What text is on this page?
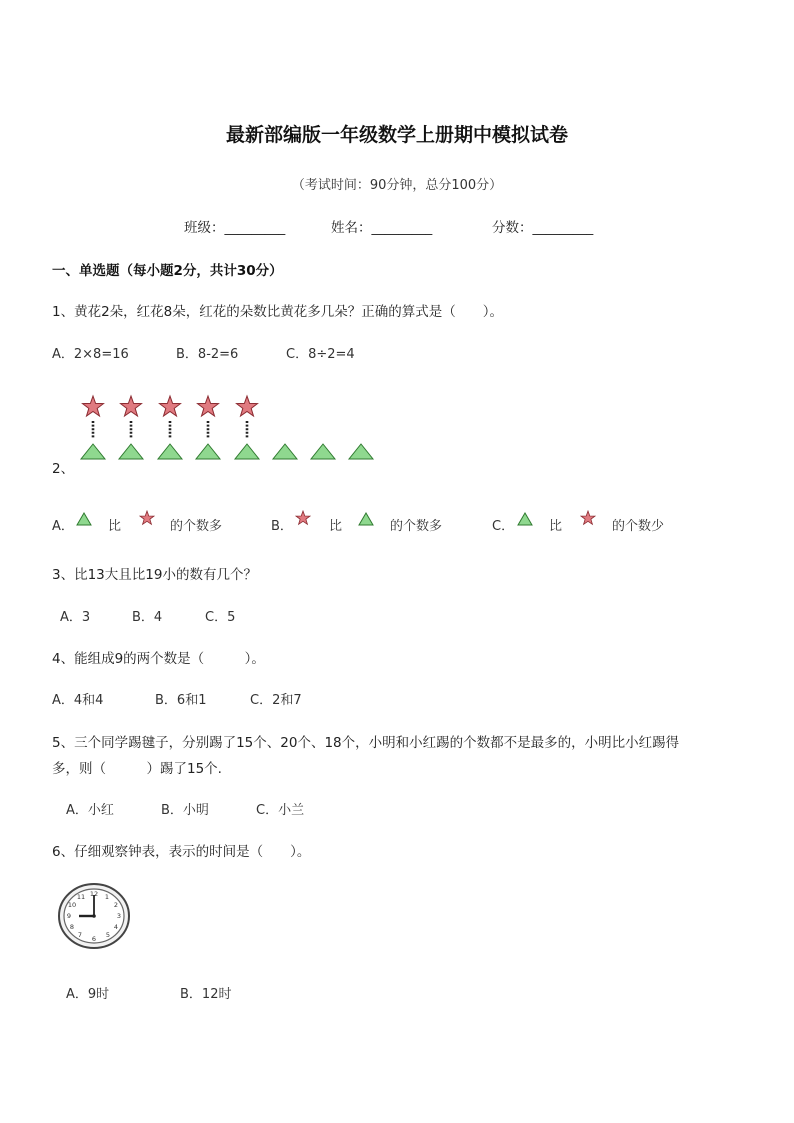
最新部编版一年级数学上册期中模拟试卷
（考试时间：90分钟，总分100分）
班级：_________	姓名：_________	分数：_________
一、单选题（每小题2分，共计30分）
1、黄花2朵，红花8朵，红花的朵数比黄花多几朵？正确的算式是（　　）。
A．2×8=16	B．8-2=6	C．8÷2=4
2、
A．	比	的个数多	B．	比	的个数多	C．	比	的个数少
3、比13大且比19小的数有几个？
A．3	B．4	C．5
4、能组成9的两个数是（　　　）。
A．4和4	B．6和1	C．2和7
5、三个同学踢毽子，分别踢了15个、20个、18个，小明和小红踢的个数都不是最多的，小明比小红踢得
多，则（　　　）踢了15个.
A．小红	B．小明	C．小兰
6、仔细观察钟表，表示的时间是（　　）。
12 1
2
3
4
5
6
7
8
9
10
11
A．9时	B．12时
